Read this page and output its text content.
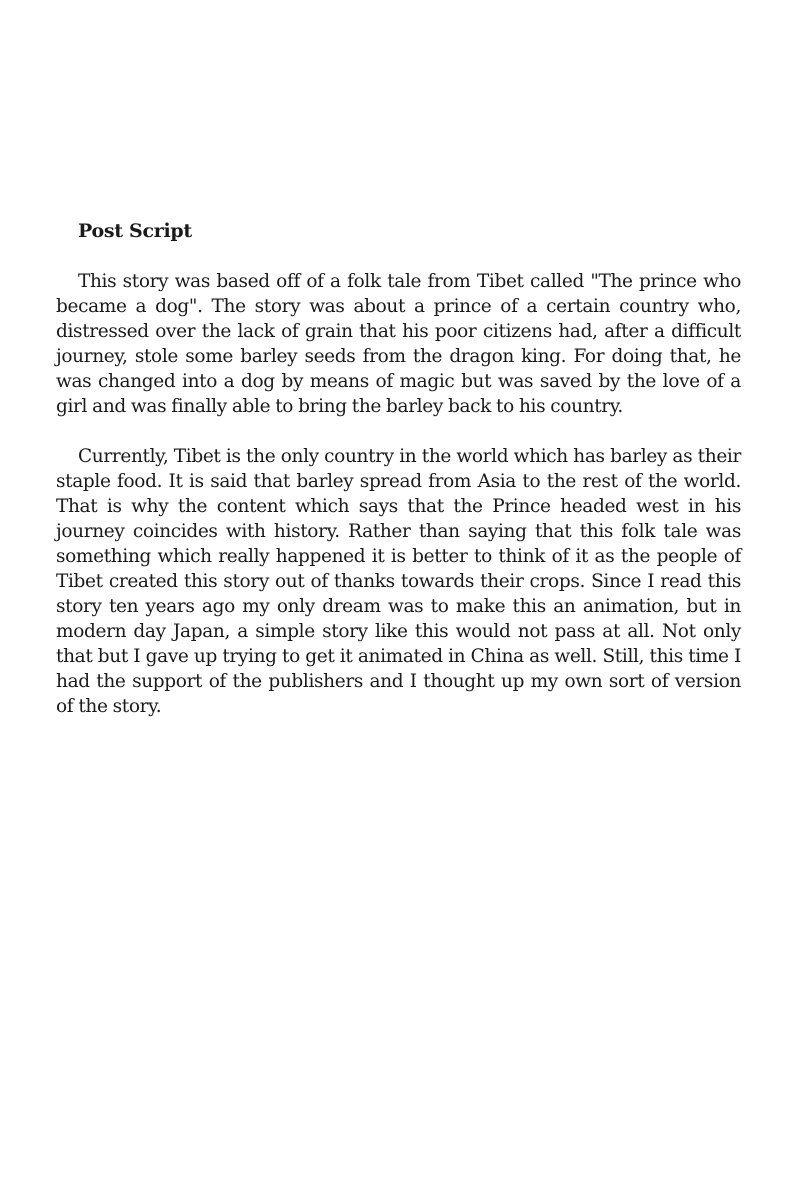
Post Script

This story was based off of a folk tale from Tibet called "The prince who became a dog". The story was about a prince of a certain country who, distressed over the lack of grain that his poor citizens had, after a difficult journey, stole some barley seeds from the dragon king. For doing that, he was changed into a dog by means of magic but was saved by the love of a girl and was finally able to bring the barley back to his country.

Currently, Tibet is the only country in the world which has barley as their staple food. It is said that barley spread from Asia to the rest of the world. That is why the content which says that the Prince headed west in his journey coincides with history. Rather than saying that this folk tale was something which really happened it is better to think of it as the people of Tibet created this story out of thanks towards their crops. Since I read this story ten years ago my only dream was to make this an animation, but in modern day Japan, a simple story like this would not pass at all. Not only that but I gave up trying to get it animated in China as well. Still, this time I had the support of the publishers and I thought up my own sort of version of the story.
